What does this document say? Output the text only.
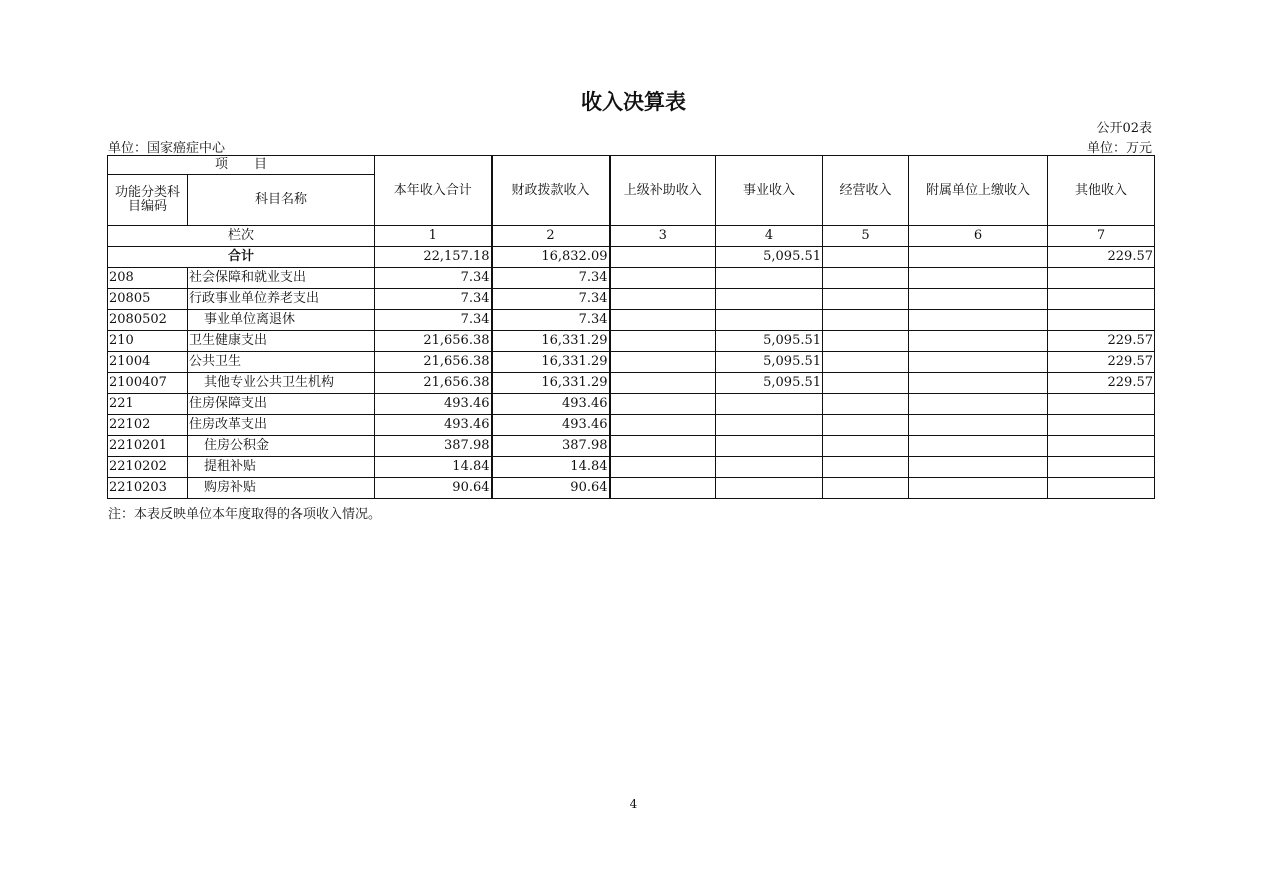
收入决算表
公开02表
单位：国家癌症中心	单位：万元
项　　目		本年收入合计	财政拨款收入	上级补助收入	事业收入	经营收入	附属单位上缴收入	其他收入
功能分类科目编码	科目名称							
栏次		1	2	3	4	5	6	7
合计		22,157.18	16,832.09		5,095.51			229.57
208	社会保障和就业支出	7.34	7.34					
20805	行政事业单位养老支出	7.34	7.34					
2080502	事业单位离退休	7.34	7.34					
210	卫生健康支出	21,656.38	16,331.29		5,095.51			229.57
21004	公共卫生	21,656.38	16,331.29		5,095.51			229.57
2100407	其他专业公共卫生机构	21,656.38	16,331.29		5,095.51			229.57
221	住房保障支出	493.46	493.46					
22102	住房改革支出	493.46	493.46					
2210201	住房公积金	387.98	387.98					
2210202	提租补贴	14.84	14.84					
2210203	购房补贴	90.64	90.64					
注：本表反映单位本年度取得的各项收入情况。
4
